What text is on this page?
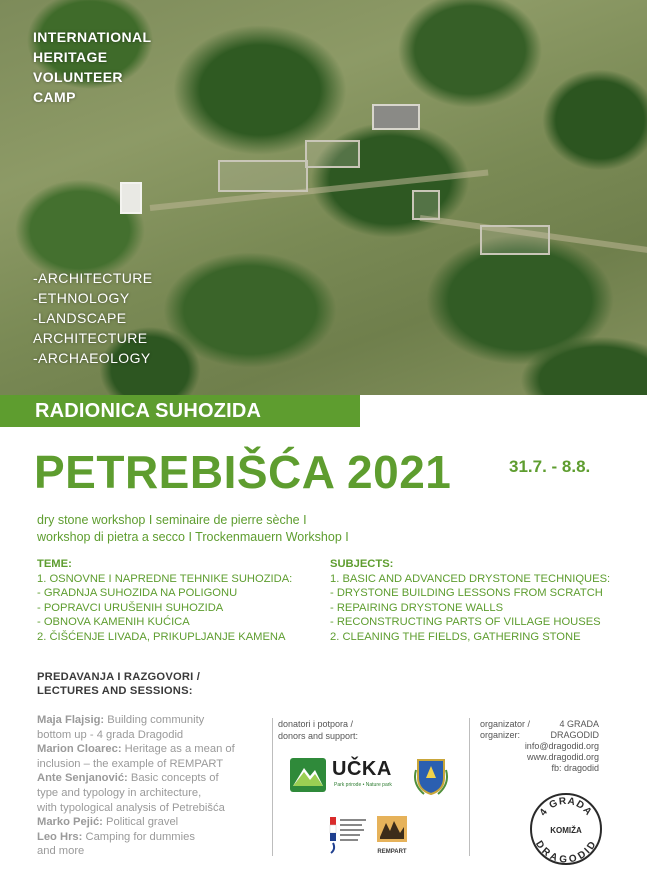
INTERNATIONAL
HERITAGE
VOLUNTEER
CAMP
-ARCHITECTURE
-ETHNOLOGY
-LANDSCAPE
ARCHITECTURE
-ARCHAEOLOGY
RADIONICA SUHOZIDA
PETREBIŠĆA 2021	31.7. - 8.8.
dry stone workshop I seminaire de pierre sèche I
workshop di pietra a secco I Trockenmauern Workshop I
TEME:
1. OSNOVNE I NAPREDNE TEHNIKE SUHOZIDA:
- GRADNJA SUHOZIDA NA POLIGONU
- POPRAVCI URUŠENIH SUHOZIDA
- OBNOVA KAMENIH KUĆICA
2. ČIŠĆENJE LIVADA, PRIKUPLJANJE KAMENA
SUBJECTS:
1. BASIC AND ADVANCED DRYSTONE TECHNIQUES:
- DRYSTONE BUILDING LESSONS FROM SCRATCH
- REPAIRING DRYSTONE WALLS
- RECONSTRUCTING PARTS OF VILLAGE HOUSES
2. CLEANING THE FIELDS, GATHERING STONE
PREDAVANJA I RAZGOVORI /
LECTURES AND SESSIONS:
Maja Flajsig: Building community
bottom up - 4 grada Dragodid
Marion Cloarec: Heritage as a mean of
inclusion – the example of REMPART
Ante Senjanović: Basic concepts of
type and typology in architecture,
with typological analysis of Petrebišća
Marko Pejić: Political gravel
Leo Hrs: Camping for dummies
and more
donatori i potpora /
donors and support:
UČKA
Park prirode • Nature park
REMPART
organizator /
organizer:
4 GRADA
DRAGODID
info@dragodid.org
www.dragodid.org
fb: dragodid
4 GRADA
KOMIŽA
DRAGODID
